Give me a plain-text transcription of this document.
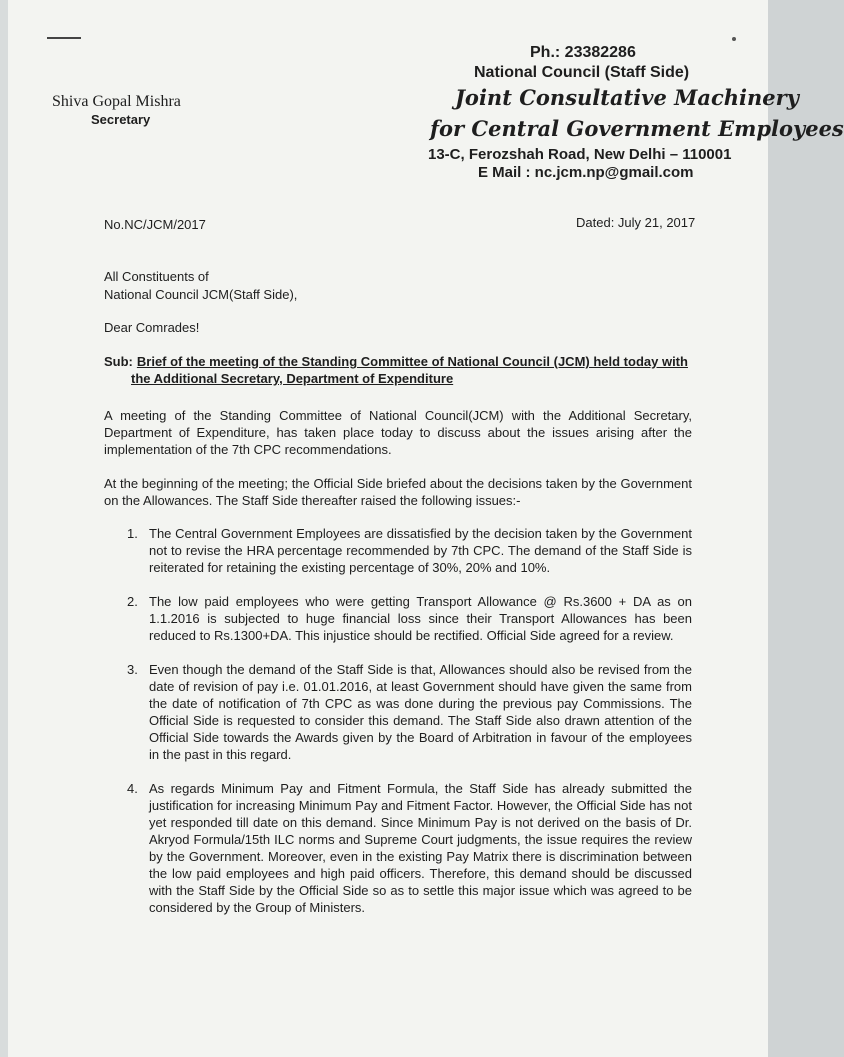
Ph.: 23382286
National Council (Staff Side)
Joint Consultative Machinery
for Central Government Employees
13-C, Ferozshah Road, New Delhi – 110001
E Mail : nc.jcm.np@gmail.com
Shiva Gopal Mishra
Secretary
No.NC/JCM/2017	Dated: July 21, 2017
All Constituents of
National Council JCM(Staff Side),
Dear Comrades!
Sub: Brief of the meeting of the Standing Committee of National Council (JCM) held today with
the Additional Secretary, Department of Expenditure

A meeting of the Standing Committee of National Council(JCM) with the Additional Secretary, Department of Expenditure, has taken place today to discuss about the issues arising after the implementation of the 7th CPC recommendations.

At the beginning of the meeting; the Official Side briefed about the decisions taken by the Government on the Allowances. The Staff Side thereafter raised the following issues:-

1. The Central Government Employees are dissatisfied by the decision taken by the Government not to revise the HRA percentage recommended by 7th CPC. The demand of the Staff Side is reiterated for retaining the existing percentage of 30%, 20% and 10%.
2. The low paid employees who were getting Transport Allowance @ Rs.3600 + DA as on 1.1.2016 is subjected to huge financial loss since their Transport Allowances has been reduced to Rs.1300+DA. This injustice should be rectified. Official Side agreed for a review.
3. Even though the demand of the Staff Side is that, Allowances should also be revised from the date of revision of pay i.e. 01.01.2016, at least Government should have given the same from the date of notification of 7th CPC as was done during the previous pay Commissions. The Official Side is requested to consider this demand. The Staff Side also drawn attention of the Official Side towards the Awards given by the Board of Arbitration in favour of the employees in the past in this regard.
4. As regards Minimum Pay and Fitment Formula, the Staff Side has already submitted the justification for increasing Minimum Pay and Fitment Factor. However, the Official Side has not yet responded till date on this demand. Since Minimum Pay is not derived on the basis of Dr. Akryod Formula/15th ILC norms and Supreme Court judgments, the issue requires the review by the Government. Moreover, even in the existing Pay Matrix there is discrimination between the low paid employees and high paid officers. Therefore, this demand should be discussed with the Staff Side by the Official Side so as to settle this major issue which was agreed to be considered by the Group of Ministers.
